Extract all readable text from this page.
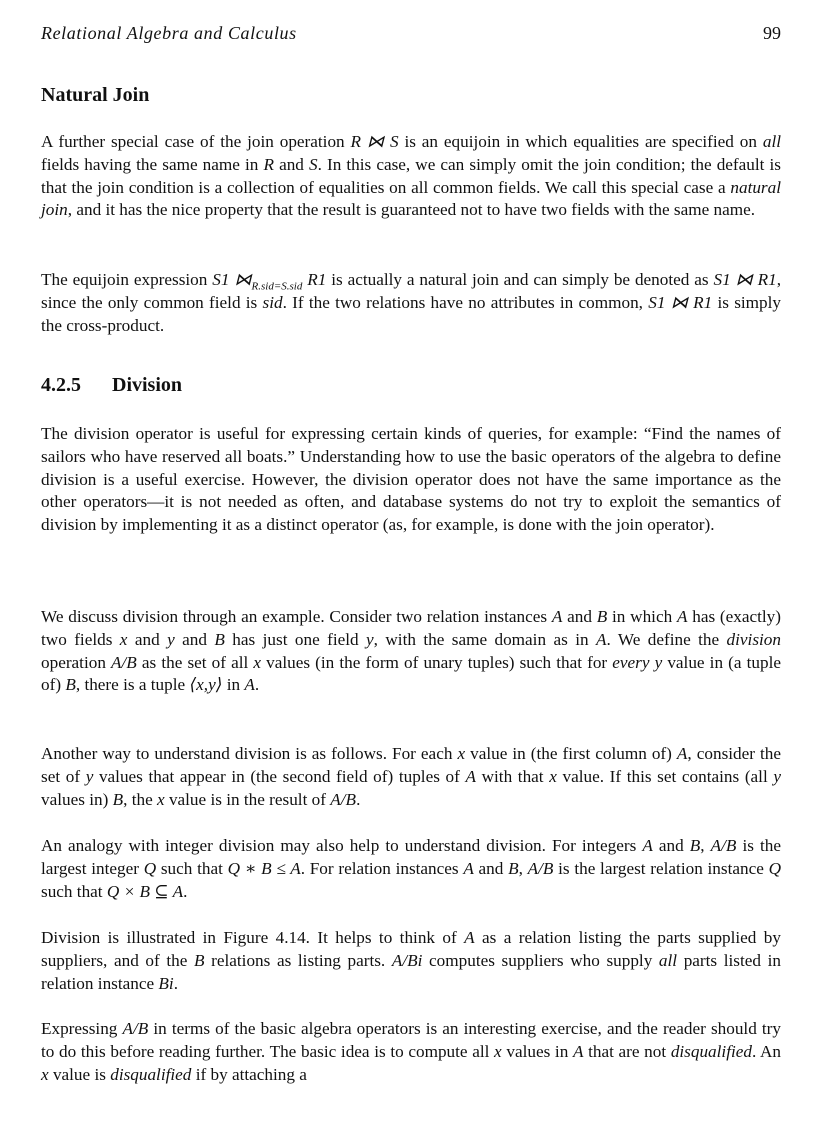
Relational Algebra and Calculus	99
Natural Join

A further special case of the join operation R ⋈ S is an equijoin in which equalities are specified on all fields having the same name in R and S. In this case, we can simply omit the join condition; the default is that the join condition is a collection of equalities on all common fields. We call this special case a natural join, and it has the nice property that the result is guaranteed not to have two fields with the same name.

The equijoin expression S1 $⋈_{R.sid=S.sid}$ R1 is actually a natural join and can simply be denoted as S1 ⋈ R1, since the only common field is sid. If the two relations have no attributes in common, S1 ⋈ R1 is simply the cross-product.

4.2.5 Division

The division operator is useful for expressing certain kinds of queries, for example: “Find the names of sailors who have reserved all boats.” Understanding how to use the basic operators of the algebra to define division is a useful exercise. However, the division operator does not have the same importance as the other operators—it is not needed as often, and database systems do not try to exploit the semantics of division by implementing it as a distinct operator (as, for example, is done with the join operator).

We discuss division through an example. Consider two relation instances A and B in which A has (exactly) two fields x and y and B has just one field y, with the same domain as in A. We define the division operation A/B as the set of all x values (in the form of unary tuples) such that for every y value in (a tuple of) B, there is a tuple ⟨x,y⟩ in A.

Another way to understand division is as follows. For each x value in (the first column of) A, consider the set of y values that appear in (the second field of) tuples of A with that x value. If this set contains (all y values in) B, the x value is in the result of A/B.

An analogy with integer division may also help to understand division. For integers A and B, A/B is the largest integer Q such that Q ∗ B ≤ A. For relation instances A and B, A/B is the largest relation instance Q such that Q × B ⊆ A.

Division is illustrated in Figure 4.14. It helps to think of A as a relation listing the parts supplied by suppliers, and of the B relations as listing parts. A/Bi computes suppliers who supply all parts listed in relation instance Bi.

Expressing A/B in terms of the basic algebra operators is an interesting exercise, and the reader should try to do this before reading further. The basic idea is to compute all x values in A that are not disqualified. An x value is disqualified if by attaching a
